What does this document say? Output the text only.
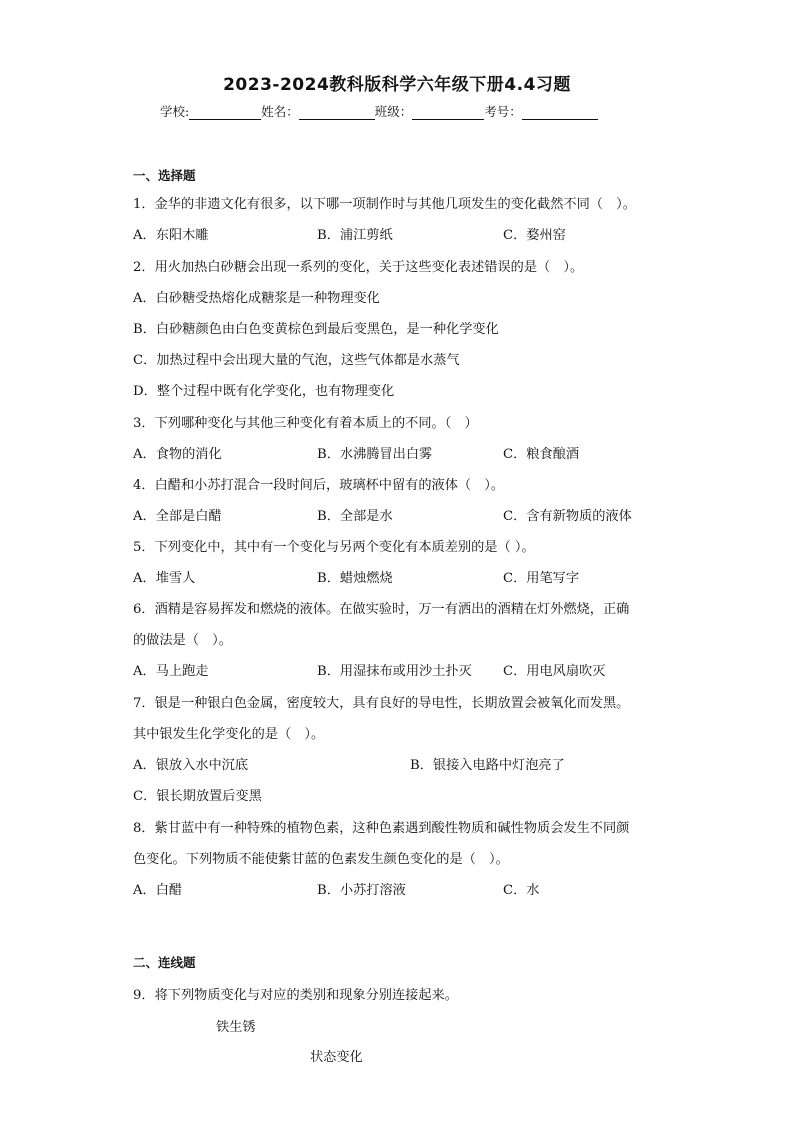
2023-2024教科版科学六年级下册4.4习题
学校:	姓名：	班级：	考号：
一、选择题
1．金华的非遗文化有很多，以下哪一项制作时与其他几项发生的变化截然不同（　）。
A．东阳木雕	B．浦江剪纸	C．婺州窑
2．用火加热白砂糖会出现一系列的变化，关于这些变化表述错误的是（　）。
A．白砂糖受热熔化成糖浆是一种物理变化
B．白砂糖颜色由白色变黄棕色到最后变黑色，是一种化学变化
C．加热过程中会出现大量的气泡，这些气体都是水蒸气
D．整个过程中既有化学变化，也有物理变化
3．下列哪种变化与其他三种变化有着本质上的不同。（　）
A．食物的消化	B．水沸腾冒出白雾	C．粮食酿酒
4．白醋和小苏打混合一段时间后，玻璃杯中留有的液体（　）。
A．全部是白醋	B．全部是水	C．含有新物质的液体
5．下列变化中，其中有一个变化与另两个变化有本质差别的是（ ）。
A．堆雪人	B．蜡烛燃烧	C．用笔写字
6．酒精是容易挥发和燃烧的液体。在做实验时，万一有洒出的酒精在灯外燃烧，正确
的做法是（　）。
A．马上跑走	B．用湿抹布或用沙土扑灭 C．用电风扇吹灭
7．银是一种银白色金属，密度较大，具有良好的导电性，长期放置会被氧化而发黑。
其中银发生化学变化的是（　）。
A．银放入水中沉底	B．银接入电路中灯泡亮了
C．银长期放置后变黑
8．紫甘蓝中有一种特殊的植物色素，这种色素遇到酸性物质和碱性物质会发生不同颜
色变化。下列物质不能使紫甘蓝的色素发生颜色变化的是（　）。
A．白醋	B．小苏打溶液	C．水
二、连线题
9．将下列物质变化与对应的类别和现象分别连接起来。
铁生锈
状态变化
